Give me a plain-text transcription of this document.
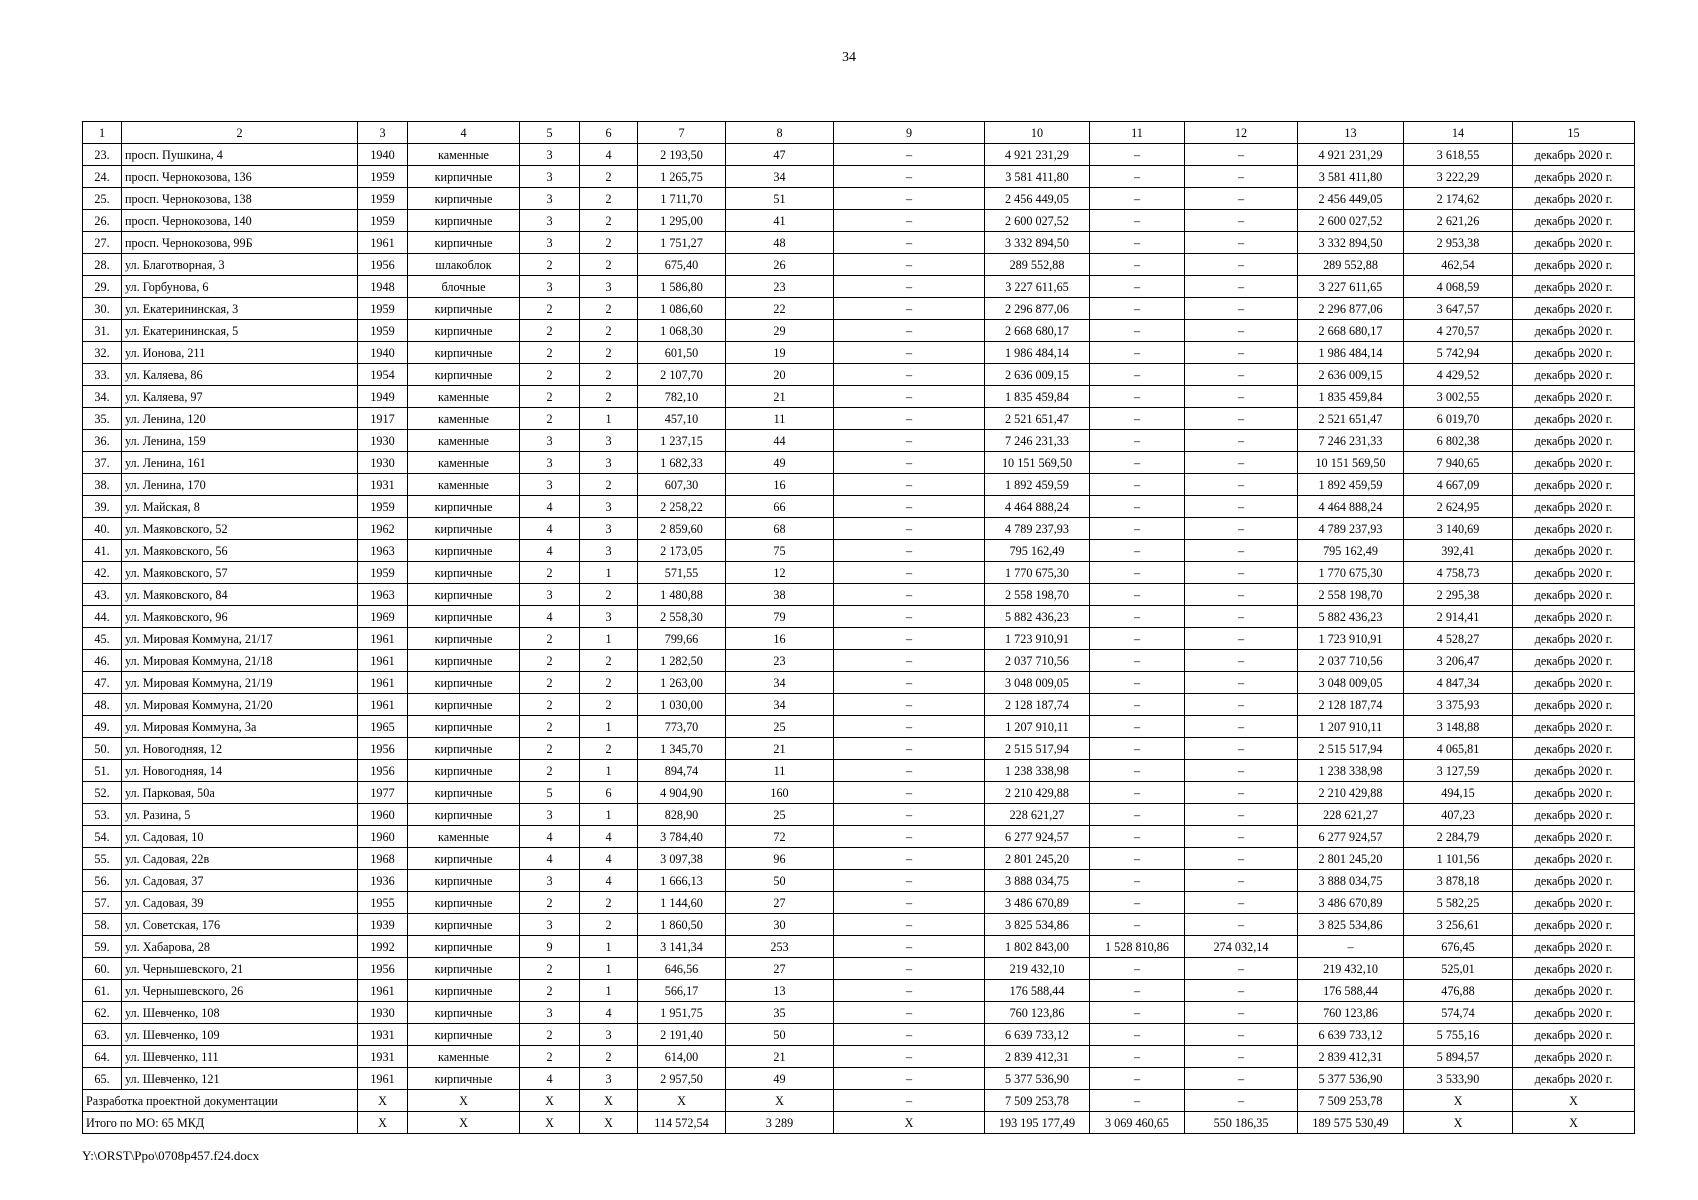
34
1	2	3	4	5	6	7	8	9	10	11	12	13	14	15
23.	просп. Пушкина, 4	1940	каменные	3	4	2 193,50	47	–	4 921 231,29	–	–	4 921 231,29	3 618,55	декабрь 2020 г.
24.	просп. Чернокозова, 136	1959	кирпичные	3	2	1 265,75	34	–	3 581 411,80	–	–	3 581 411,80	3 222,29	декабрь 2020 г.
25.	просп. Чернокозова, 138	1959	кирпичные	3	2	1 711,70	51	–	2 456 449,05	–	–	2 456 449,05	2 174,62	декабрь 2020 г.
26.	просп. Чернокозова, 140	1959	кирпичные	3	2	1 295,00	41	–	2 600 027,52	–	–	2 600 027,52	2 621,26	декабрь 2020 г.
27.	просп. Чернокозова, 99Б	1961	кирпичные	3	2	1 751,27	48	–	3 332 894,50	–	–	3 332 894,50	2 953,38	декабрь 2020 г.
28.	ул. Благотворная, 3	1956	шлакоблок	2	2	675,40	26	–	289 552,88	–	–	289 552,88	462,54	декабрь 2020 г.
29.	ул. Горбунова, 6	1948	блочные	3	3	1 586,80	23	–	3 227 611,65	–	–	3 227 611,65	4 068,59	декабрь 2020 г.
30.	ул. Екатерининская, 3	1959	кирпичные	2	2	1 086,60	22	–	2 296 877,06	–	–	2 296 877,06	3 647,57	декабрь 2020 г.
31.	ул. Екатерининская, 5	1959	кирпичные	2	2	1 068,30	29	–	2 668 680,17	–	–	2 668 680,17	4 270,57	декабрь 2020 г.
32.	ул. Ионова, 211	1940	кирпичные	2	2	601,50	19	–	1 986 484,14	–	–	1 986 484,14	5 742,94	декабрь 2020 г.
33.	ул. Каляева, 86	1954	кирпичные	2	2	2 107,70	20	–	2 636 009,15	–	–	2 636 009,15	4 429,52	декабрь 2020 г.
34.	ул. Каляева, 97	1949	каменные	2	2	782,10	21	–	1 835 459,84	–	–	1 835 459,84	3 002,55	декабрь 2020 г.
35.	ул. Ленина, 120	1917	каменные	2	1	457,10	11	–	2 521 651,47	–	–	2 521 651,47	6 019,70	декабрь 2020 г.
36.	ул. Ленина, 159	1930	каменные	3	3	1 237,15	44	–	7 246 231,33	–	–	7 246 231,33	6 802,38	декабрь 2020 г.
37.	ул. Ленина, 161	1930	каменные	3	3	1 682,33	49	–	10 151 569,50	–	–	10 151 569,50	7 940,65	декабрь 2020 г.
38.	ул. Ленина, 170	1931	каменные	3	2	607,30	16	–	1 892 459,59	–	–	1 892 459,59	4 667,09	декабрь 2020 г.
39.	ул. Майская, 8	1959	кирпичные	4	3	2 258,22	66	–	4 464 888,24	–	–	4 464 888,24	2 624,95	декабрь 2020 г.
40.	ул. Маяковского, 52	1962	кирпичные	4	3	2 859,60	68	–	4 789 237,93	–	–	4 789 237,93	3 140,69	декабрь 2020 г.
41.	ул. Маяковского, 56	1963	кирпичные	4	3	2 173,05	75	–	795 162,49	–	–	795 162,49	392,41	декабрь 2020 г.
42.	ул. Маяковского, 57	1959	кирпичные	2	1	571,55	12	–	1 770 675,30	–	–	1 770 675,30	4 758,73	декабрь 2020 г.
43.	ул. Маяковского, 84	1963	кирпичные	3	2	1 480,88	38	–	2 558 198,70	–	–	2 558 198,70	2 295,38	декабрь 2020 г.
44.	ул. Маяковского, 96	1969	кирпичные	4	3	2 558,30	79	–	5 882 436,23	–	–	5 882 436,23	2 914,41	декабрь 2020 г.
45.	ул. Мировая Коммуна, 21/17	1961	кирпичные	2	1	799,66	16	–	1 723 910,91	–	–	1 723 910,91	4 528,27	декабрь 2020 г.
46.	ул. Мировая Коммуна, 21/18	1961	кирпичные	2	2	1 282,50	23	–	2 037 710,56	–	–	2 037 710,56	3 206,47	декабрь 2020 г.
47.	ул. Мировая Коммуна, 21/19	1961	кирпичные	2	2	1 263,00	34	–	3 048 009,05	–	–	3 048 009,05	4 847,34	декабрь 2020 г.
48.	ул. Мировая Коммуна, 21/20	1961	кирпичные	2	2	1 030,00	34	–	2 128 187,74	–	–	2 128 187,74	3 375,93	декабрь 2020 г.
49.	ул. Мировая Коммуна, 3а	1965	кирпичные	2	1	773,70	25	–	1 207 910,11	–	–	1 207 910,11	3 148,88	декабрь 2020 г.
50.	ул. Новогодняя, 12	1956	кирпичные	2	2	1 345,70	21	–	2 515 517,94	–	–	2 515 517,94	4 065,81	декабрь 2020 г.
51.	ул. Новогодняя, 14	1956	кирпичные	2	1	894,74	11	–	1 238 338,98	–	–	1 238 338,98	3 127,59	декабрь 2020 г.
52.	ул. Парковая, 50а	1977	кирпичные	5	6	4 904,90	160	–	2 210 429,88	–	–	2 210 429,88	494,15	декабрь 2020 г.
53.	ул. Разина, 5	1960	кирпичные	3	1	828,90	25	–	228 621,27	–	–	228 621,27	407,23	декабрь 2020 г.
54.	ул. Садовая, 10	1960	каменные	4	4	3 784,40	72	–	6 277 924,57	–	–	6 277 924,57	2 284,79	декабрь 2020 г.
55.	ул. Садовая, 22в	1968	кирпичные	4	4	3 097,38	96	–	2 801 245,20	–	–	2 801 245,20	1 101,56	декабрь 2020 г.
56.	ул. Садовая, 37	1936	кирпичные	3	4	1 666,13	50	–	3 888 034,75	–	–	3 888 034,75	3 878,18	декабрь 2020 г.
57.	ул. Садовая, 39	1955	кирпичные	2	2	1 144,60	27	–	3 486 670,89	–	–	3 486 670,89	5 582,25	декабрь 2020 г.
58.	ул. Советская, 176	1939	кирпичные	3	2	1 860,50	30	–	3 825 534,86	–	–	3 825 534,86	3 256,61	декабрь 2020 г.
59.	ул. Хабарова, 28	1992	кирпичные	9	1	3 141,34	253	–	1 802 843,00	1 528 810,86	274 032,14	–	676,45	декабрь 2020 г.
60.	ул. Чернышевского, 21	1956	кирпичные	2	1	646,56	27	–	219 432,10	–	–	219 432,10	525,01	декабрь 2020 г.
61.	ул. Чернышевского, 26	1961	кирпичные	2	1	566,17	13	–	176 588,44	–	–	176 588,44	476,88	декабрь 2020 г.
62.	ул. Шевченко, 108	1930	кирпичные	3	4	1 951,75	35	–	760 123,86	–	–	760 123,86	574,74	декабрь 2020 г.
63.	ул. Шевченко, 109	1931	кирпичные	2	3	2 191,40	50	–	6 639 733,12	–	–	6 639 733,12	5 755,16	декабрь 2020 г.
64.	ул. Шевченко, 111	1931	каменные	2	2	614,00	21	–	2 839 412,31	–	–	2 839 412,31	5 894,57	декабрь 2020 г.
65.	ул. Шевченко, 121	1961	кирпичные	4	3	2 957,50	49	–	5 377 536,90	–	–	5 377 536,90	3 533,90	декабрь 2020 г.
Разработка проектной документации		X	X	X	X	X	X	–	7 509 253,78	–	–	7 509 253,78	X	X
Итого по МО: 65 МКД		X	X	X	X	114 572,54	3 289	X	193 195 177,49	3 069 460,65	550 186,35	189 575 530,49	X	X
Y:\ORST\Ppo\0708p457.f24.docx
